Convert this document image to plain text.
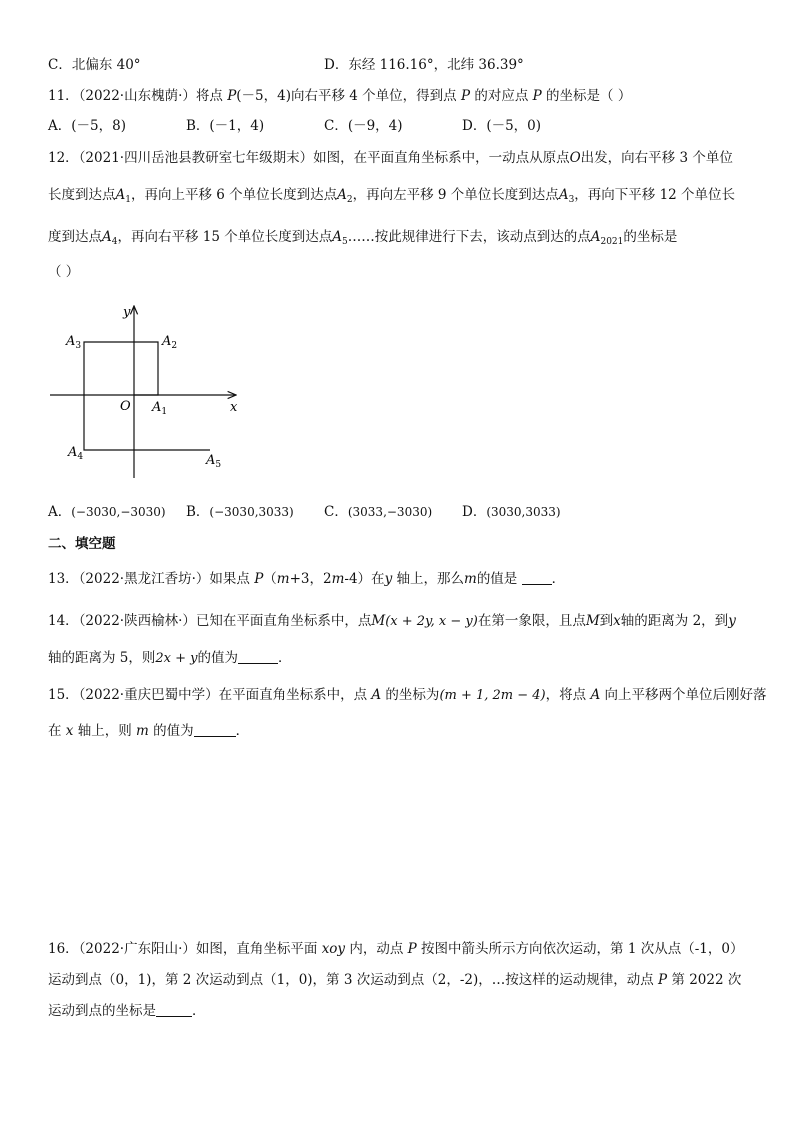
C．北偏东 40°	D．东经 116.16°，北纬 36.39°
11．（2022·山东槐荫·）将点 P(－5，4)向右平移 4 个单位，得到点 P 的对应点 P 的坐标是（ ）
A．(－5，8)	B．(－1，4)	C．(－9，4)	D．(－5，0)
12．（2021·四川岳池县教研室七年级期末）如图，在平面直角坐标系中，一动点从原点O出发，向右平移 3 个单位
长度到达点$A_1$，再向上平移 6 个单位长度到达点$A_2$，再向左平移 9 个单位长度到达点$A_3$，再向下平移 12 个单位长
度到达点$A_4$，再向右平移 15 个单位长度到达点$A_5\dots\dots$按此规律进行下去，该动点到达的点$A_{2021}$的坐标是
（ ）
x
y
O $A_1$
$A_2$
$A_3$
$A_4$	$A_5$
A．(−3030,−3030) B．(−3030,3033) C．(3033,−3030) D．(3030,3033)
二、填空题
13．（2022·黑龙江香坊·）如果点 P（m+3，2m-4）在y 轴上，那么m的值是 ．
14．（2022·陕西榆林·）已知在平面直角坐标系中，点M(x + 2y, x − y)在第一象限，且点M到x轴的距离为 2，到y
轴的距离为 5，则2x + y的值为	．
15．（2022·重庆巴蜀中学）在平面直角坐标系中，点 A 的坐标为(m + 1, 2m − 4)，将点 A 向上平移两个单位后刚好落
在 x 轴上，则 m 的值为	．
16．（2022·广东阳山·）如图，直角坐标平面 xoy 内，动点 P 按图中箭头所示方向依次运动，第 1 次从点（-1，0）
运动到点（0，1)，第 2 次运动到点（1，0)，第 3 次运动到点（2，-2)，…按这样的运动规律，动点 P 第 2022 次
运动到点的坐标是	．
